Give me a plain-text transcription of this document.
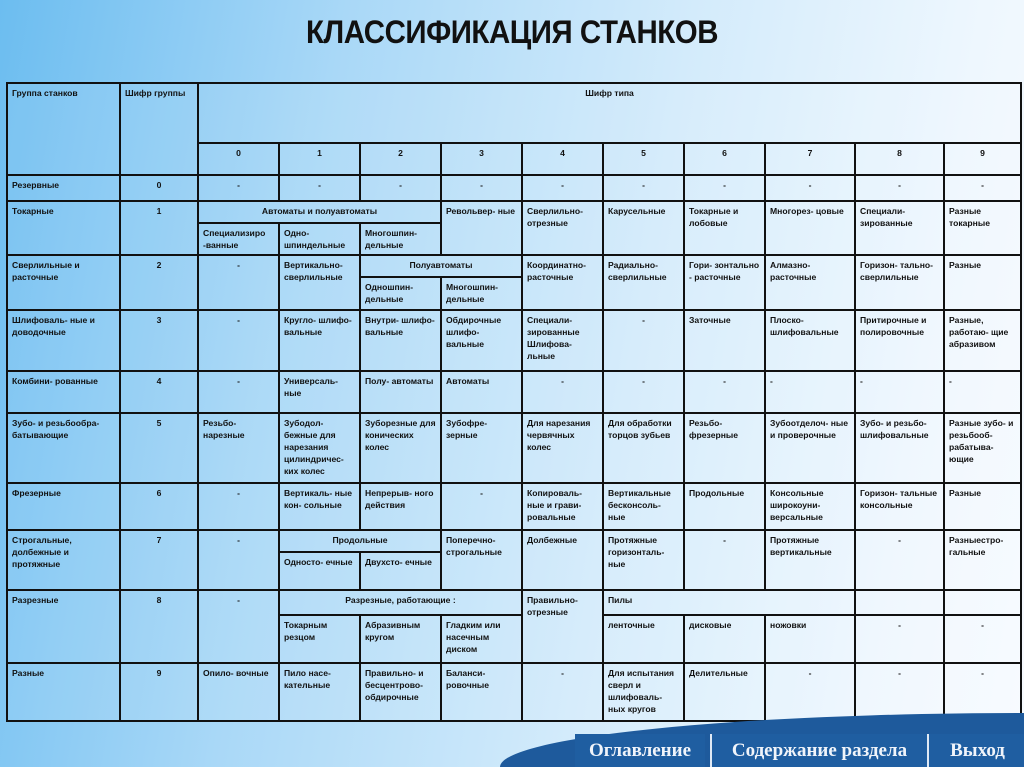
КЛАССИФИКАЦИЯ СТАНКОВ
Группа станков	Шифр группы	Шифр типа									
		0	1	2	3	4	5	6	7	8	9
Резервные	0	-	-	-	-	-	-	-	-	-	-
Токарные	1	Автоматы и полуавтоматы			Револьвер- ные	Сверлильно- отрезные	Карусельные	Токарные и лобовые	Многорез- цовые	Специали- зированные	Разные токарные
		Специализиро -ванные	Одно- шпиндельные	Многошпин- дельные							
Сверлильные и расточные	2	-	Вертикально- сверлильные	Полуавтоматы		Координатно- расточные	Радиально- сверлильные	Гори- зонтально - расточные	Алмазно- расточные	Горизон- тально- сверлильные	Разные
				Одношпин- дельные	Многошпин- дельные						
Шлифоваль- ные и доводочные	3	-	Кругло- шлифо- вальные	Внутри- шлифо- вальные	Обдирочные шлифо- вальные	Специали- зированные Шлифова- льные	-	Заточные	Плоско- шлифовальные	Притирочные и полировочные	Разные, работаю- щие абразивом
Комбини- рованные	4	-	Универсаль- ные	Полу- автоматы	Автоматы	-	-	-	-	-	-
Зубо- и резьбообра- батывающие	5	Резьбо- нарезные	Зубодол- бежные для нарезания цилиндричес- ких колес	Зуборезные для конических колес	Зубофре- зерные	Для нарезания червячных колес	Для обработки торцов зубьев	Резьбо- фрезерные	Зубоотделоч- ные и проверочные	Зубо- и резьбо- шлифовальные	Разные зубо- и резьбооб- рабатыва- ющие
Фрезерные	6	-	Вертикаль- ные кон- сольные	Непрерыв- ного действия	-	Копироваль- ные и грави- ровальные	Вертикальные бесконсоль- ные	Продольные	Консольные широкоуни- версальные	Горизон- тальные консольные	Разные
Строгальные, долбежные и протяжные	7	-	Продольные		Поперечно- строгальные	Долбежные	Протяжные горизонталь- ные	-	Протяжные вертикальные	-	Разныестро- гальные
			Односто- ечные	Двухсто- ечные							
Разрезные	8	-	Разрезные, работающие :			Правильно- отрезные	Пилы				
			Токарным резцом	Абразивным кругом	Гладким или насечным диском		ленточные	дисковые	ножовки	-	-
Разные	9	Опило- вочные	Пило насе- кательные	Правильно- и бесцентрово- обдирочные	Баланси- ровочные	-	Для испытания сверл и шлифоваль- ных кругов	Делительные	-	-	-
Оглавление	Содержание раздела	Выход
